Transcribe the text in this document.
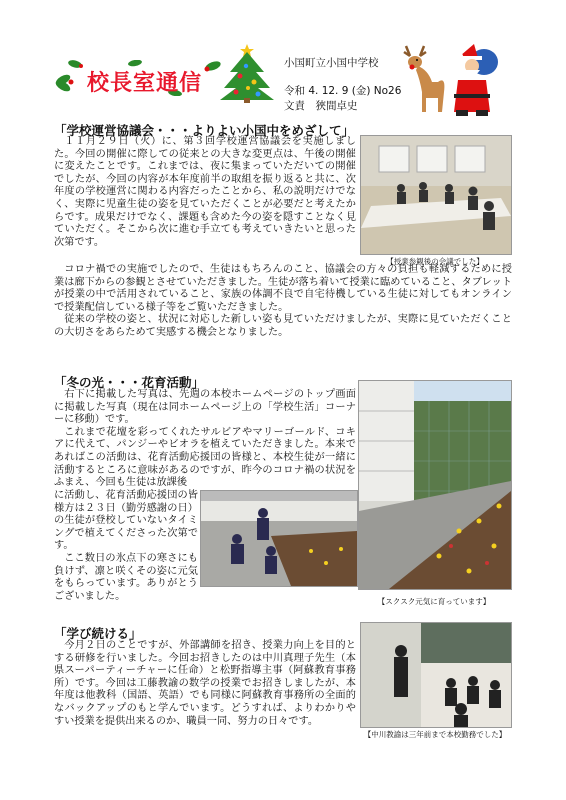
校長室通信
小国町立小国中学校
令和 4. 12. 9 (金) No26
文責　狹間卓史
「学校運営協議会・・・よりよい小国中をめざして」

１１月２９日（火）に、第３回学校運営協議会を実施しました。今回の開催に際しての従来との大きな変更点は、午後の開催に変えたことです。これまでは、夜に集まっていただいての開催でしたが、今回の内容が本年度前半の取組を振り返ると共に、次年度の学校運営に関わる内容だったことから、私の説明だけでなく、実際に児童生徒の姿を見ていただくことが必要だと考えたからです。成果だけでなく、課題も含めた今の姿を隠すことなく見ていただく。そこから次に進む手立ても考えていきたいと思った次第です。

【授業参観後の会議でした】

コロナ禍での実施でしたので、生徒はもちろんのこと、協議会の方々の負担も軽減するために授業は廊下からの参観とさせていただきました。生徒が落ち着いて授業に臨めていること、タブレットが授業の中で活用されていること、家族の体調不良で自宅待機している生徒に対してもオンラインで授業配信している様子等をご覧いただきました。

従来の学校の姿と、状況に対応した新しい姿も見ていただけましたが、実際に見ていただくことの大切さをあらためて実感する機会となりました。

「冬の光・・・花育活動」

右下に掲載した写真は、先週の本校ホームページのトップ画面に掲載した写真（現在は同ホームページ上の「学校生活」コーナーに移動）です。

これまで花壇を彩ってくれたサルビアやマリーゴールド、コキアに代えて、パンジーやビオラを植えていただきました。本来であればこの活動は、花育活動応援団の皆様と、本校生徒が一緒に活動するところに意味があるのですが、昨今のコロナ禍の状況をふまえ、今回も生徒は放課後

に活動し、花育活動応援団の皆様方は２３日（勤労感謝の日）の生徒が登校していないタイミングで植えてくださった次第です。

ここ数日の氷点下の寒さにも負けず、凛と咲くその姿に元気をもらっています。ありがとうございました。	【スクスク元気に育っています】
「学び続ける」

今月２日のことですが、外部講師を招き、授業力向上を目的とする研修を行いました。今回お招きしたのは中川真理子先生（本県スーパーティーチャーに任命）と松野指導主事（阿蘇教育事務所）です。今回は工藤教諭の数学の授業でお招きしましたが、本年度は他教科（国語、英語）でも同様に阿蘇教育事務所の全面的なバックアップのもと学んでいます。どうすれば、よりわかりやすい授業を提供出来るのか、職員一同、努力の日々です。

【中川教諭は三年前まで本校勤務でした】
